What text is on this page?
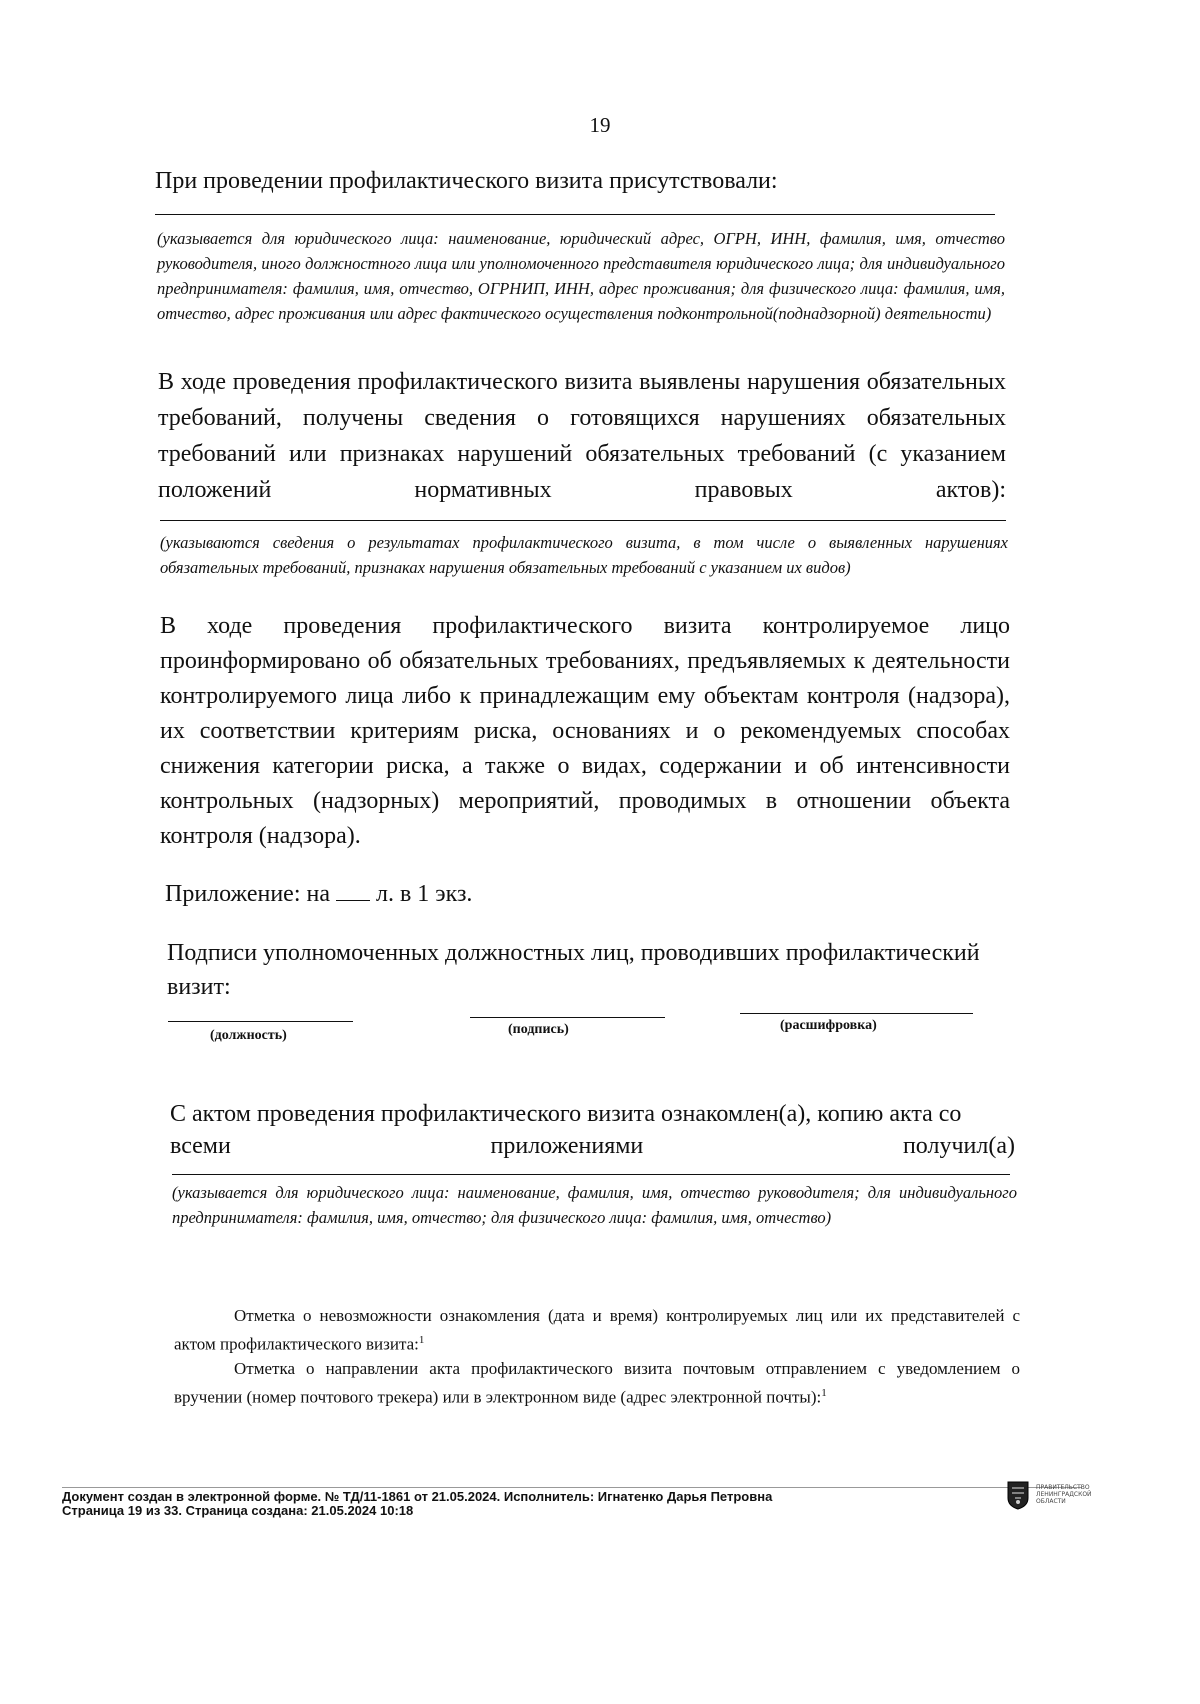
19
При проведении профилактического визита присутствовали:
(указывается для юридического лица: наименование, юридический адрес, ОГРН, ИНН, фамилия, имя, отчество руководителя, иного должностного лица или уполномоченного представителя юридического лица; для индивидуального предпринимателя: фамилия, имя, отчество, ОГРНИП, ИНН, адрес проживания; для физического лица: фамилия, имя, отчество, адрес проживания или адрес фактического осуществления подконтрольной(поднадзорной) деятельности)
В ходе проведения профилактического визита выявлены нарушения обязательных требований, получены сведения о готовящихся нарушениях обязательных требований или признаках нарушений обязательных требований (с указанием положений нормативных правовых актов):
(указываются сведения о результатах профилактического визита, в том числе о выявленных нарушениях обязательных требований, признаках нарушения обязательных требований с указанием их видов)
В ходе проведения профилактического визита контролируемое лицо проинформировано об обязательных требованиях, предъявляемых к деятельности контролируемого лица либо к принадлежащим ему объектам контроля (надзора), их соответствии критериям риска, основаниях и о рекомендуемых способах снижения категории риска, а также о видах, содержании и об интенсивности контрольных (надзорных) мероприятий, проводимых в отношении объекта контроля (надзора).
Приложение: на л. в 1 экз.
Подписи уполномоченных должностных лиц, проводивших профилактический визит:
(должность)	(подпись)	(расшифровка)
С актом проведения профилактического визита ознакомлен(а), копию акта со
всеми	приложениями	получил(а)
(указывается для юридического лица: наименование, фамилия, имя, отчество руководителя; для индивидуального предпринимателя: фамилия, имя, отчество; для физического лица: фамилия, имя, отчество)
Отметка о невозможности ознакомления (дата и время) контролируемых лиц или их представителей с актом профилактического визита:$^1$
Отметка о направлении акта профилактического визита почтовым отправлением с уведомлением о вручении (номер почтового трекера) или в электронном виде (адрес электронной почты):$^1$
Документ создан в электронной форме. № ТД/11-1861 от 21.05.2024. Исполнитель: Игнатенко Дарья Петровна
Страница 19 из 33. Страница создана: 21.05.2024 10:18
ПРАВИТЕЛЬСТВО
ЛЕНИНГРАДСКОЙ
ОБЛАСТИ
